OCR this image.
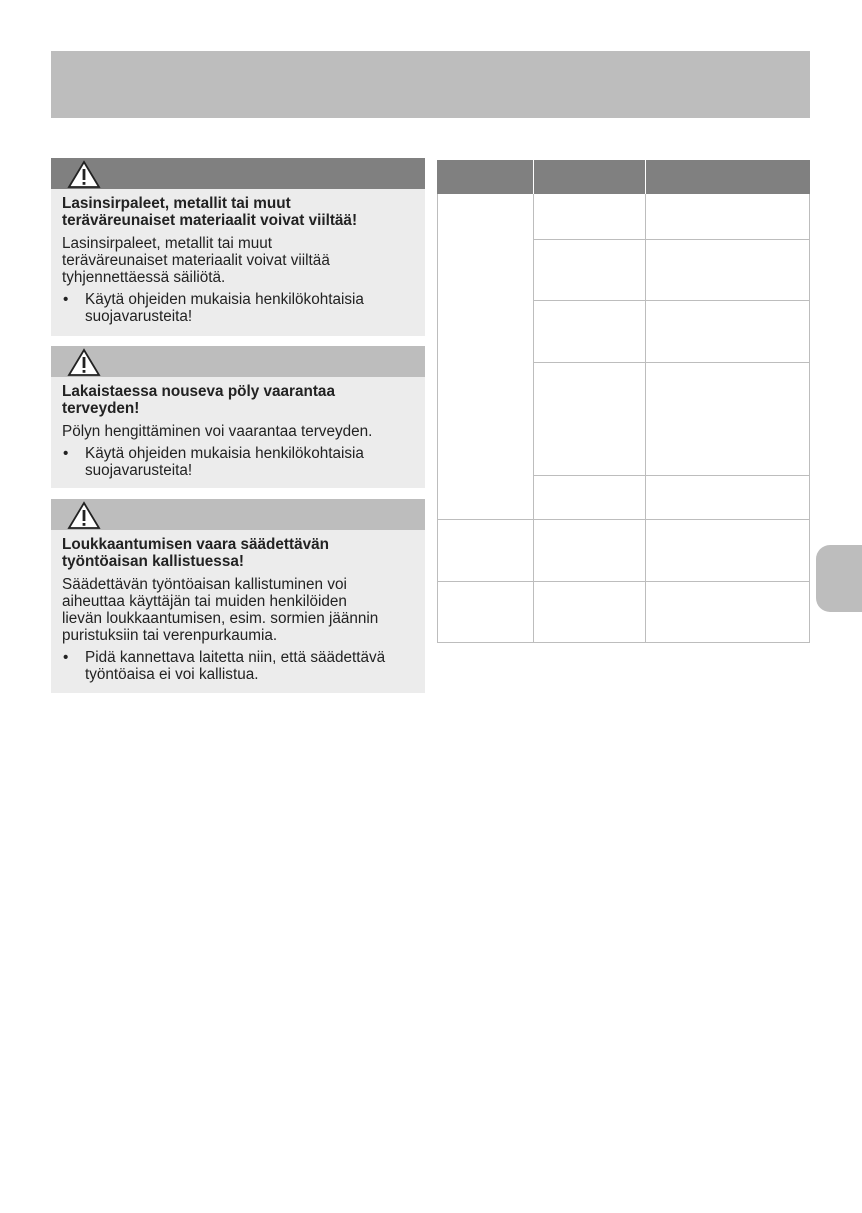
Lasinsirpaleet, metallit tai muut
teräväreunaiset materiaalit voivat viiltää!
Lasinsirpaleet, metallit tai muut
teräväreunaiset materiaalit voivat viiltää
tyhjennettäessä säiliötä.
• Käytä ohjeiden mukaisia henkilökohtaisia
suojavarusteita!
Lakaistaessa nouseva pöly vaarantaa
terveyden!
Pölyn hengittäminen voi vaarantaa terveyden.
• Käytä ohjeiden mukaisia henkilökohtaisia
suojavarusteita!
Loukkaantumisen vaara säädettävän
työntöaisan kallistuessa!
Säädettävän työntöaisan kallistuminen voi
aiheuttaa käyttäjän tai muiden henkilöiden
lievän loukkaantumisen, esim. sormien jäännin
puristuksiin tai verenpurkaumia.
• Pidä kannettava laitetta niin, että säädettävä
työntöaisa ei voi kallistua.
